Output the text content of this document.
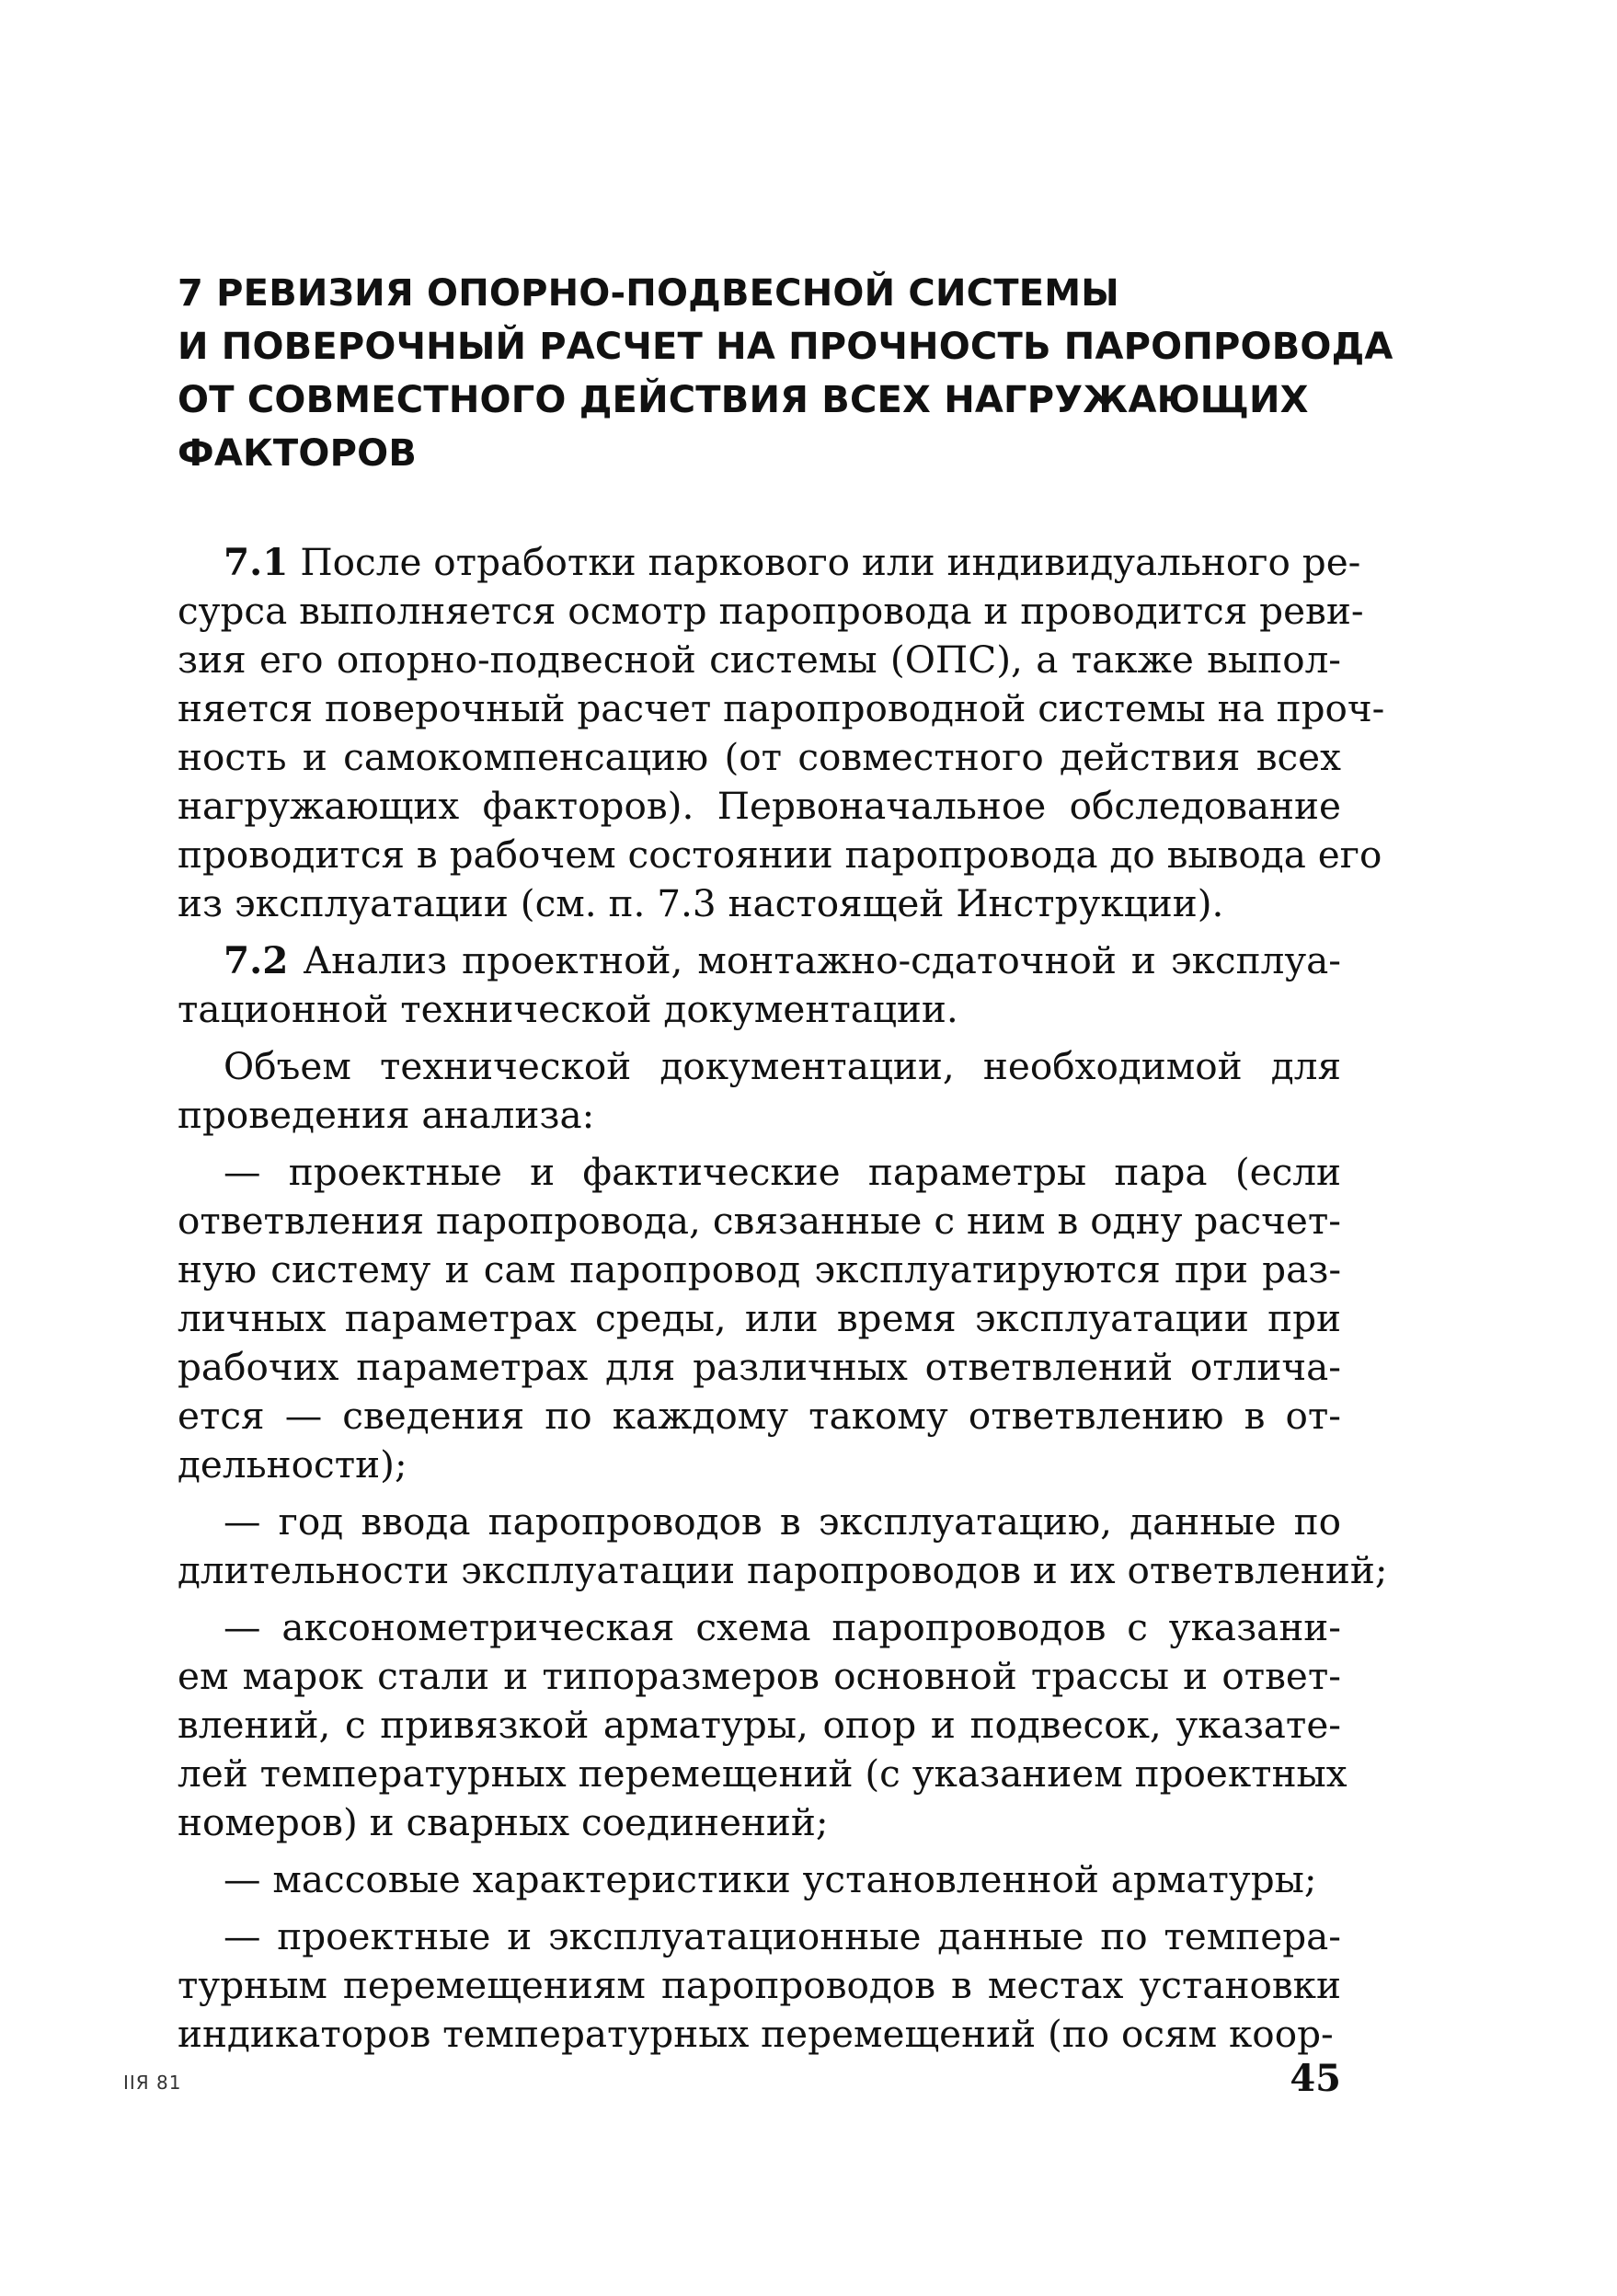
7 РЕВИЗИЯ ОПОРНО-ПОДВЕСНОЙ СИСТЕМЫ
И ПОВЕРОЧНЫЙ РАСЧЕТ НА ПРОЧНОСТЬ ПАРОПРОВОДА
ОТ СОВМЕСТНОГО ДЕЙСТВИЯ ВСЕХ НАГРУЖАЮЩИХ
ФАКТОРОВ
7.1 После отработки паркового или индивидуального ре-
сурса выполняется осмотр паропровода и проводится реви-
зия его опорно-подвесной системы (ОПС), а также выпол-
няется поверочный расчет паропроводной системы на проч-
ность и самокомпенсацию (от совместного действия всех
нагружающих факторов). Первоначальное обследование
проводится в рабочем состоянии паропровода до вывода его
из эксплуатации (см. п. 7.3 настоящей Инструкции).
7.2 Анализ проектной, монтажно-сдаточной и эксплуа-
тационной технической документации.
Объем технической документации, необходимой для
проведения анализа:
— проектные и фактические параметры пара (если
ответвления паропровода, связанные с ним в одну расчет-
ную систему и сам паропровод эксплуатируются при раз-
личных параметрах среды, или время эксплуатации при
рабочих параметрах для различных ответвлений отлича-
ется — сведения по каждому такому ответвлению в от-
дельности);
— год ввода паропроводов в эксплуатацию, данные по
длительности эксплуатации паропроводов и их ответвлений;
— аксонометрическая схема паропроводов с указани-
ем марок стали и типоразмеров основной трассы и ответ-
влений, с привязкой арматуры, опор и подвесок, указате-
лей температурных перемещений (с указанием проектных
номеров) и сварных соединений;
— массовые характеристики установленной арматуры;
— проектные и эксплуатационные данные по темпера-
турным перемещениям паропроводов в местах установки
индикаторов температурных перемещений (по осям коор-
IIЯ 81	45
